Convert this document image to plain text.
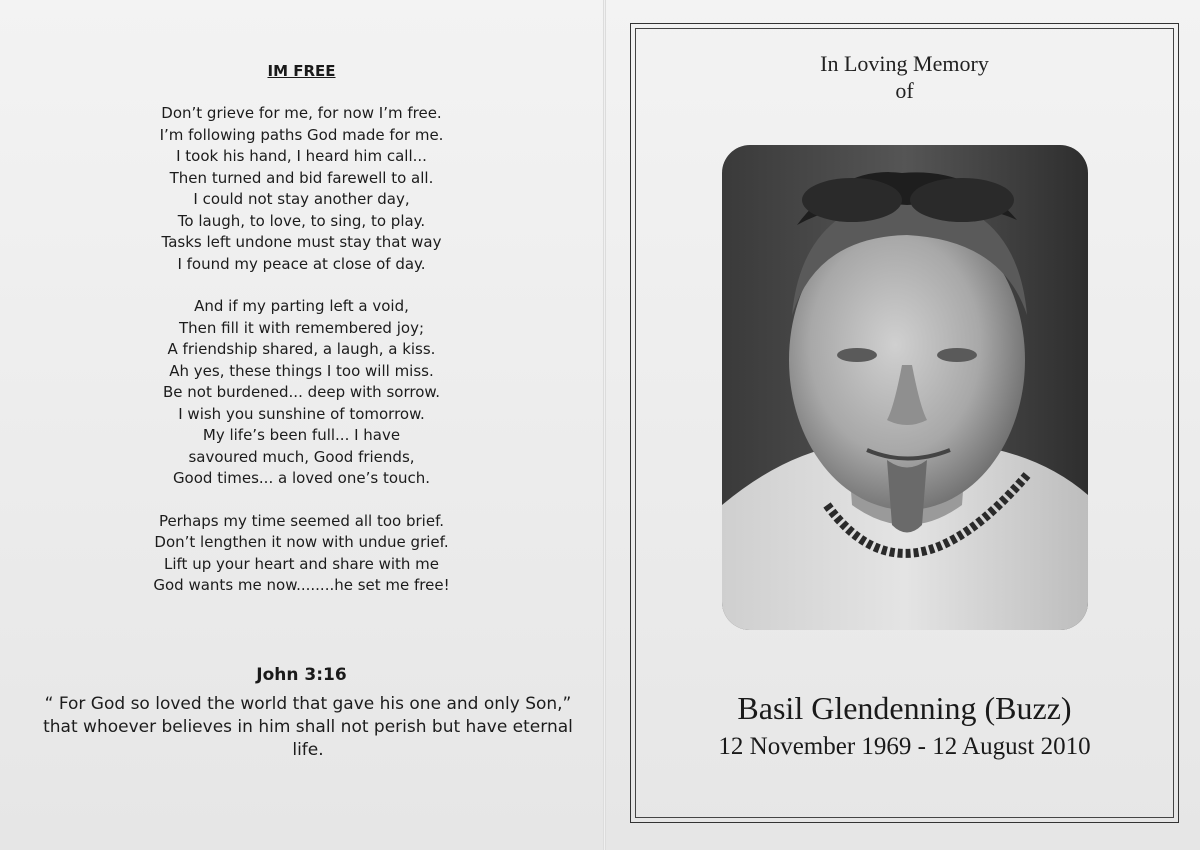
IM FREE
Don’t grieve for me, for now I’m free.
I’m following paths God made for me.
I took his hand, I heard him call...
Then turned and bid farewell to all.
I could not stay another day,
To laugh, to love, to sing, to play.
Tasks left undone must stay that way
I found my peace at close of day.
And if my parting left a void,
Then fill it with remembered joy;
A friendship shared, a laugh, a kiss.
Ah yes, these things I too will miss.
Be not burdened... deep with sorrow.
I wish you sunshine of tomorrow.
My life’s been full... I have
savoured much, Good friends,
Good times... a loved one’s touch.
Perhaps my time seemed all too brief.
Don’t lengthen it now with undue grief.
Lift up your heart and share with me
God wants me now........he set me free!
John 3:16
“ For God so loved the world that gave his one and only Son,” that whoever believes in him shall not perish but have eternal life.
In Loving Memory
of
Basil Glendenning (Buzz)
12 November 1969 - 12 August 2010
